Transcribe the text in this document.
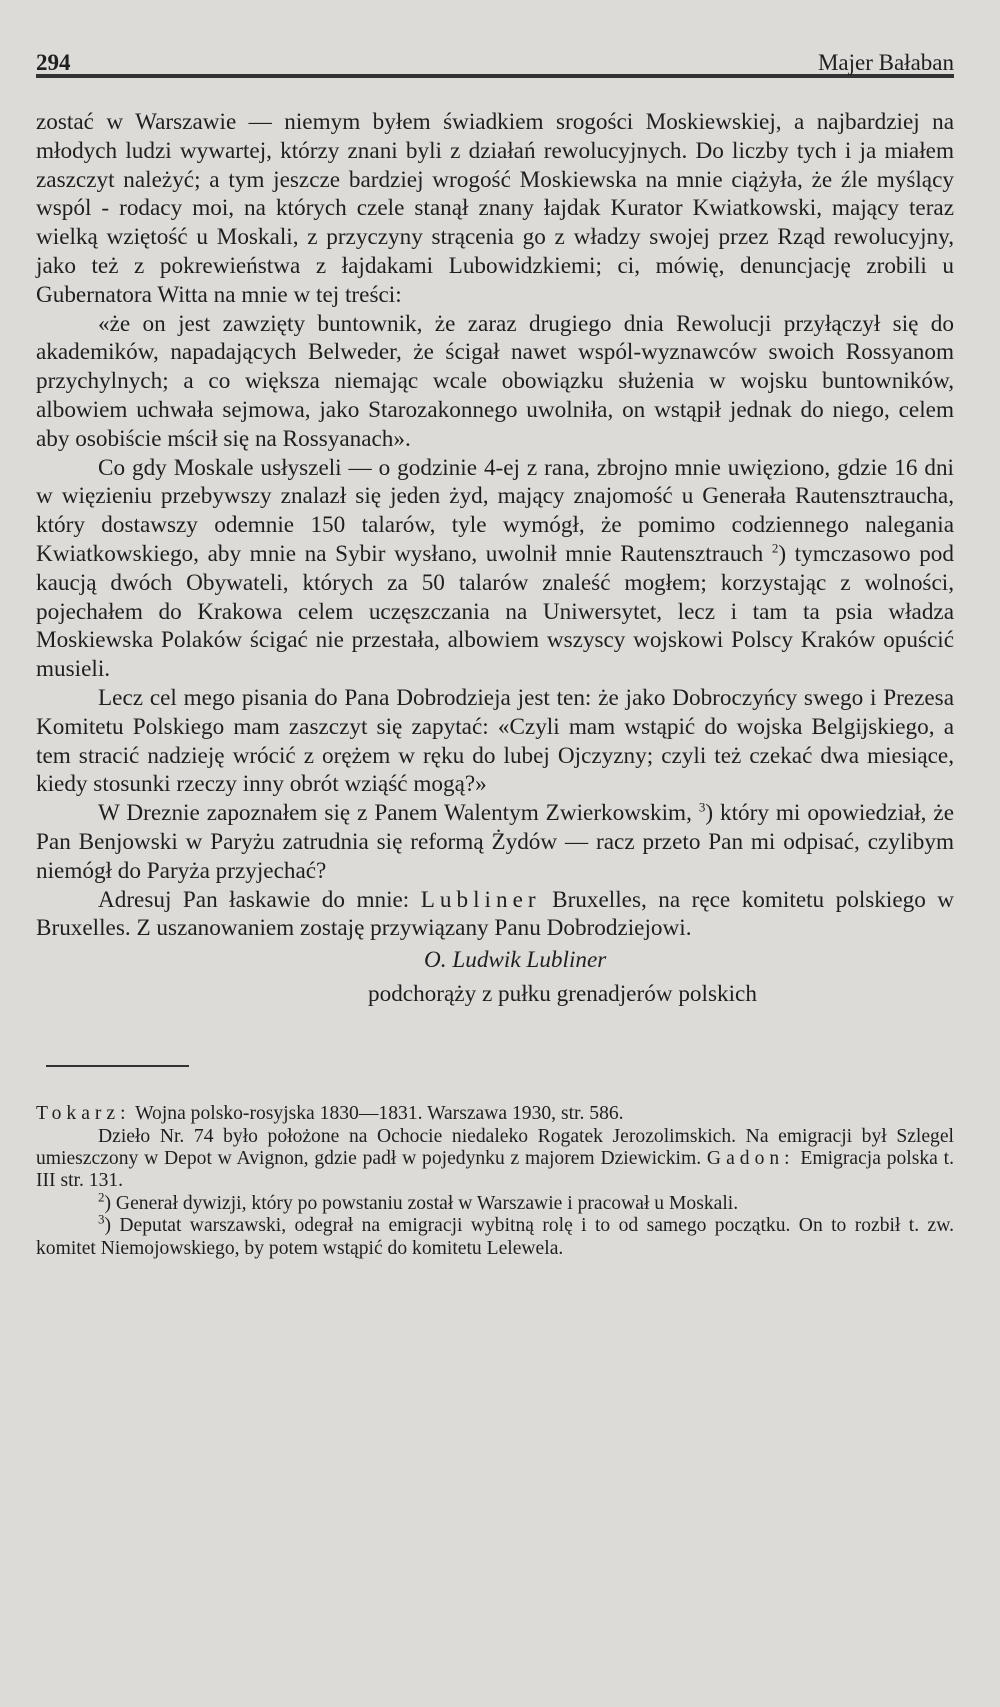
294	Majer Bałaban

zostać w Warszawie — niemym byłem świadkiem srogości Moskiewskiej, a najbardziej na młodych ludzi wywartej, którzy znani byli z działań rewolucyjnych. Do liczby tych i ja miałem zaszczyt należyć; a tym jeszcze bardziej wrogość Moskiewska na mnie ciążyła, że źle myślący wspól - rodacy moi, na których czele stanął znany łajdak Kurator Kwiatkowski, mający teraz wielką wziętość u Moskali, z przyczyny strącenia go z władzy swojej przez Rząd rewolucyjny, jako też z pokrewieństwa z łajdakami Lubowidzkiemi; ci, mówię, denuncjację zrobili u Gubernatora Witta na mnie w tej treści:

«że on jest zawzięty buntownik, że zaraz drugiego dnia Rewolucji przyłączył się do akademików, napadających Belweder, że ścigał nawet wspól-wyznawców swoich Rossyanom przychylnych; a co większa niemając wcale obowiązku służenia w wojsku buntowników, albowiem uchwała sejmowa, jako Starozakonnego uwolniła, on wstąpił jednak do niego, celem aby osobiście mścił się na Rossyanach».

Co gdy Moskale usłyszeli — o godzinie 4-ej z rana, zbrojno mnie uwięziono, gdzie 16 dni w więzieniu przebywszy znalazł się jeden żyd, mający znajomość u Generała Rautensztraucha, który dostawszy odemnie 150 talarów, tyle wymógł, że pomimo codziennego nalegania Kwiatkowskiego, aby mnie na Sybir wysłano, uwolnił mnie Rautensztrauch $^2$) tymczasowo pod kaucją dwóch Obywateli, których za 50 talarów znaleść mogłem; korzystając z wolności, pojechałem do Krakowa celem uczęszczania na Uniwersytet, lecz i tam ta psia władza Moskiewska Polaków ścigać nie przestała, albowiem wszyscy wojskowi Polscy Kraków opuścić musieli.

Lecz cel mego pisania do Pana Dobrodzieja jest ten: że jako Dobroczyńcy swego i Prezesa Komitetu Polskiego mam zaszczyt się zapytać: «Czyli mam wstąpić do wojska Belgijskiego, a tem stracić nadzieję wrócić z orężem w ręku do lubej Ojczyzny; czyli też czekać dwa miesiące, kiedy stosunki rzeczy inny obrót wziąść mogą?»

W Dreznie zapoznałem się z Panem Walentym Zwierkowskim, $^3$) który mi opowiedział, że Pan Benjowski w Paryżu zatrudnia się reformą Żydów — racz przeto Pan mi odpisać, czylibym niemógł do Paryża przyjechać?

Adresuj Pan łaskawie do mnie: Lubliner Bruxelles, na ręce komitetu polskiego w Bruxelles. Z uszanowaniem zostaję przywiązany Panu Dobrodziejowi.

O. Ludwik Lubliner
podchorąży z pułku grenadjerów polskich

Tokarz: Wojna polsko-rosyjska 1830—1831. Warszawa 1930, str. 586.

Dzieło Nr. 74 było położone na Ochocie niedaleko Rogatek Jerozolimskich. Na emigracji był Szlegel umieszczony w Depot w Avignon, gdzie padł w pojedynku z majorem Dziewickim. Gadon: Emigracja polska t. III str. 131.

$^2$) Generał dywizji, który po powstaniu został w Warszawie i pracował u Moskali.

$^3$) Deputat warszawski, odegrał na emigracji wybitną rolę i to od samego początku. On to rozbił t. zw. komitet Niemojowskiego, by potem wstąpić do komitetu Lelewela.
